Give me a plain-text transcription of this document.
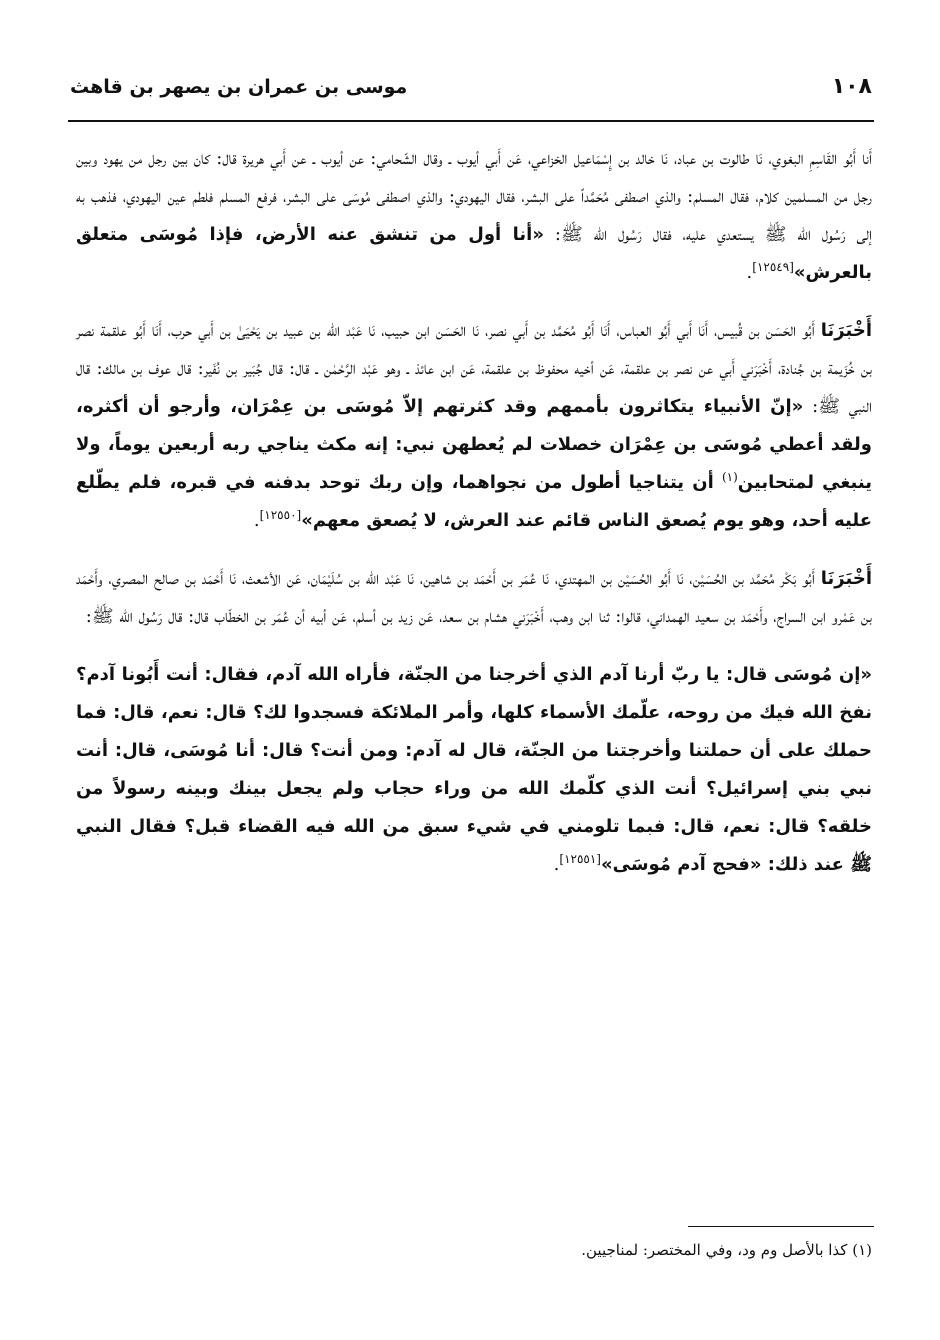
١٠٨
موسى بن عمران بن يصهر بن قاهث

أَنا أَبُو القَاسِمِ البغوي، نَا طالوت بن عباد، نَا خالد بن إِسْمَاعيل الخزاعي، عَن أَبي أيوب ـ وقال الشّحامي: عن أيوب ـ عن أَبي هريرة قال: كان بين رجل من يهود وبين رجل من المسلمين كلام، فقال المسلم: والذي اصطفى مُحَمَّداً على البشر، فقال اليهودي: والذي اصطفى مُوسَى على البشر، فرفع المسلم فلطم عين اليهودي، فذهب به إلى رَسُول الله ﷺ يستعدي عليه، فقال رَسُول الله ﷺ: «أنا أول من تنشق عنه الأرض، فإذا مُوسَى متعلق بالعرش»[١٢٥٤٩].

أَخْبَرَنَا أَبُو الحَسَن بن قُبيس، أَنَا أَبي أَبُو العباس، أَنَا أَبُو مُحَمَّد بن أَبي نصر، نَا الحَسَن ابن حبيب، نَا عَبْد اللّه بن عبيد بن يَحْيَىٰ بن أَبي حرب، أَنَا أَبُو علقمة نصر بن خُزَيمة بن جُنادة، أَخْبَرَني أَبي عن نصر بن علقمة، عَن أخيه محفوظ بن علقمة، عَن ابن عائذ ـ وهو عَبْد الرَّحْمٰن ـ قال: قال جُبَير بن نُفَير: قال عوف بن مالك: قال النبي ﷺ: «إنّ الأنبياء يتكاثرون بأممهم وقد كثرتهم إلاّ مُوسَى بن عِمْرَان، وأرجو أن أكثره، ولقد أعطي مُوسَى بن عِمْرَان خصلات لم يُعطهن نبي: إنه مكث يناجي ربه أربعين يوماً، ولا ينبغي لمتحابين$^{(١)}$ أن يتناجيا أطول من نجواهما، وإن ربك توحد بدفنه في قبره، فلم يطّلع عليه أحد، وهو يوم يُصعق الناس قائم عند العرش، لا يُصعق معهم»[١٢٥٥٠].

أَخْبَرَنَا أَبُو بَكْر مُحَمَّد بن الحُسَيْن، نَا أَبُو الحُسَيْن بن المهتدي، نَا عُمَر بن أَحْمَد بن شاهين، نَا عَبْد اللّه بن سُلَيْمَان، عَن الأشعث، نَا أَحْمَد بن صالح المصري، وأَحْمَد بن عَمْرو ابن السراج، وأَحْمَد بن سعيد الهمداني، قالوا: ثنا ابن وهب، أَخْبَرَني هشام بن سعد، عَن زيد بن أسلم، عَن أبيه أن عُمَر بن الخطّاب قال: قال رَسُول الله ﷺ:

«إن مُوسَى قال: يا ربّ أرنا آدم الذي أخرجنا من الجنّة، فأراه الله آدم، فقال: أنت أَبُونا آدم؟ نفخ الله فيك من روحه، علّمك الأسماء كلها، وأمر الملائكة فسجدوا لك؟ قال: نعم، قال: فما حملك على أن حملتنا وأخرجتنا من الجنّة، قال له آدم: ومن أنت؟ قال: أنا مُوسَى، قال: أنت نبي بني إسرائيل؟ أنت الذي كلّمك الله من وراء حجاب ولم يجعل بينك وبينه رسولاً من خلقه؟ قال: نعم، قال: فبما تلومني في شيء سبق من الله فيه القضاء قبل؟ فقال النبي ﷺ عند ذلك: «فحج آدم مُوسَى»[١٢٥٥١].

(١) كذا بالأصل وم ود، وفي المختصر: لمناجيين.
